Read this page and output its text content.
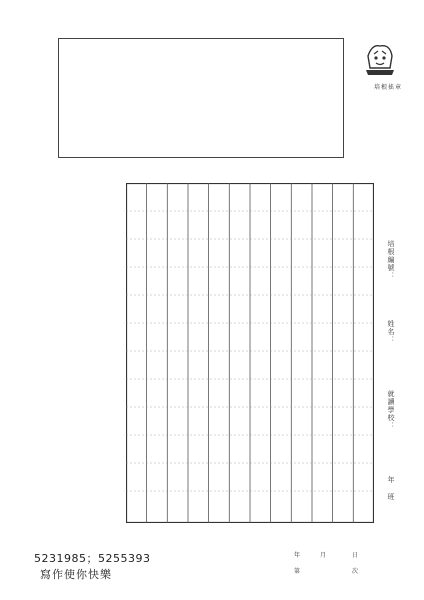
培根搖章
培根編號：
姓名：
就讀學校：
年 班
5231985；5255393
寫作使你快樂
年	月	日
第	次
